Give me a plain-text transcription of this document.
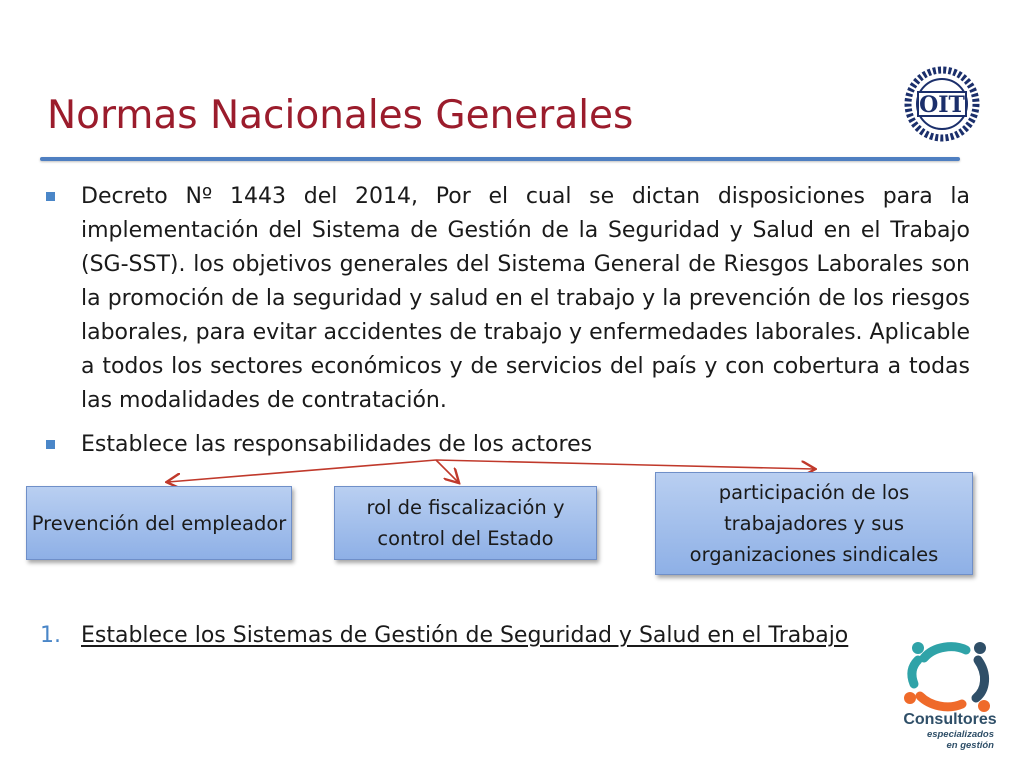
Normas Nacionales Generales	OIT
Decreto Nº 1443 del 2014, Por el cual se dictan disposiciones para la implementación del Sistema de Gestión de la Seguridad y Salud en el Trabajo (SG-SST). los objetivos generales del Sistema General de Riesgos Laborales son la promoción de la seguridad y salud en el trabajo y la prevención de los riesgos laborales, para evitar accidentes de trabajo y enfermedades laborales. Aplicable a todos los sectores económicos y de servicios del país y con cobertura a todas las modalidades de contratación.
Establece las responsabilidades de los actores
Prevención del empleador
rol de fiscalización y control del Estado
participación de los trabajadores y sus organizaciones sindicales
1. Establece los Sistemas de Gestión de Seguridad y Salud en el Trabajo
Consultores
especializados
en gestión
